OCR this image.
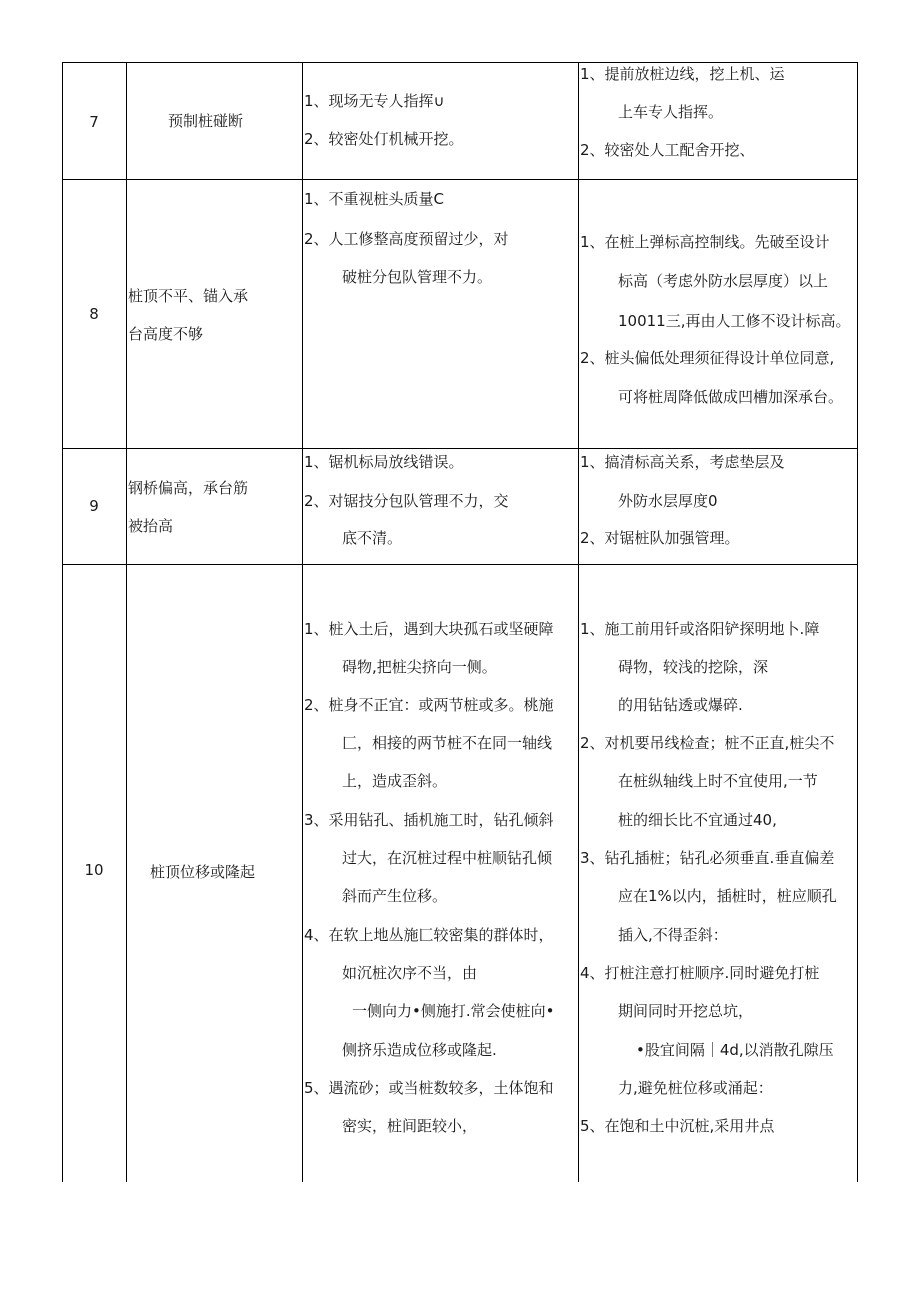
7	预制桩碰断
1、现场无专人指挥∪
2、较密处仃机械开挖。
1、提前放桩边线，挖上机、运
上车专人指挥。
2、较密处人工配舍开挖、
8
桩顶不平、锚入承
台高度不够
1、不重视桩头质量C
2、人工修整高度预留过少，对
破桩分包队管理不力。
1、在桩上弹标高控制线。先破至设计
标高（考虑外防水层厚度）以上
10011三,再由人工修不设计标高。
2、桩头偏低处理须征得设计单位同意,
可将桩周降低做成凹槽加深承台。
9
钢桥偏高，承台筋
被抬高
1、锯机标局放线错误。
2、对锯技分包队管理不力，交
底不清。
1、搞清标高关系，考虑垫层及
外防水层厚度0
2、对锯桩队加强管理。
10	桩顶位移或隆起
1、桩入土后，遇到大块孤石或坚硬障
碍物,把桩尖挤向一侧。
2、桩身不正宜：或两节桩或多。桃施
匚，相接的两节桩不在同一轴线
上，造成歪斜。
3、采用钻孔、插机施工时，钻孔倾斜
过大，在沉桩过程中桩顺钻孔倾
斜而产生位移。
4、在软上地丛施匚较密集的群体时，
如沉桩次序不当，由
一侧向力•侧施打.常会使桩向•
侧挤乐造成位移或隆起.
5、遇流砂；或当桩数较多，土体饱和
密实，桩间距较小，
1、施工前用钎或洛阳铲探明地卜.障
碍物，较浅的挖除，深
的用钻钻透或爆碎.
2、对机要吊线检查；桩不正直,桩尖不
在桩纵轴线上时不宜使用,一节
桩的细长比不宜通过40,
3、钻孔插桩；钻孔必须垂直.垂直偏差
应在1%以内，插桩时，桩应顺孔
插入,不得歪斜：
4、打桩注意打桩顺序.同时避免打桩
期间同时开挖总坑，
•股宜间隔｜4d,以消散孔隙压
力,避免桩位移或涌起：
5、在饱和土中沉桩,采用井点
